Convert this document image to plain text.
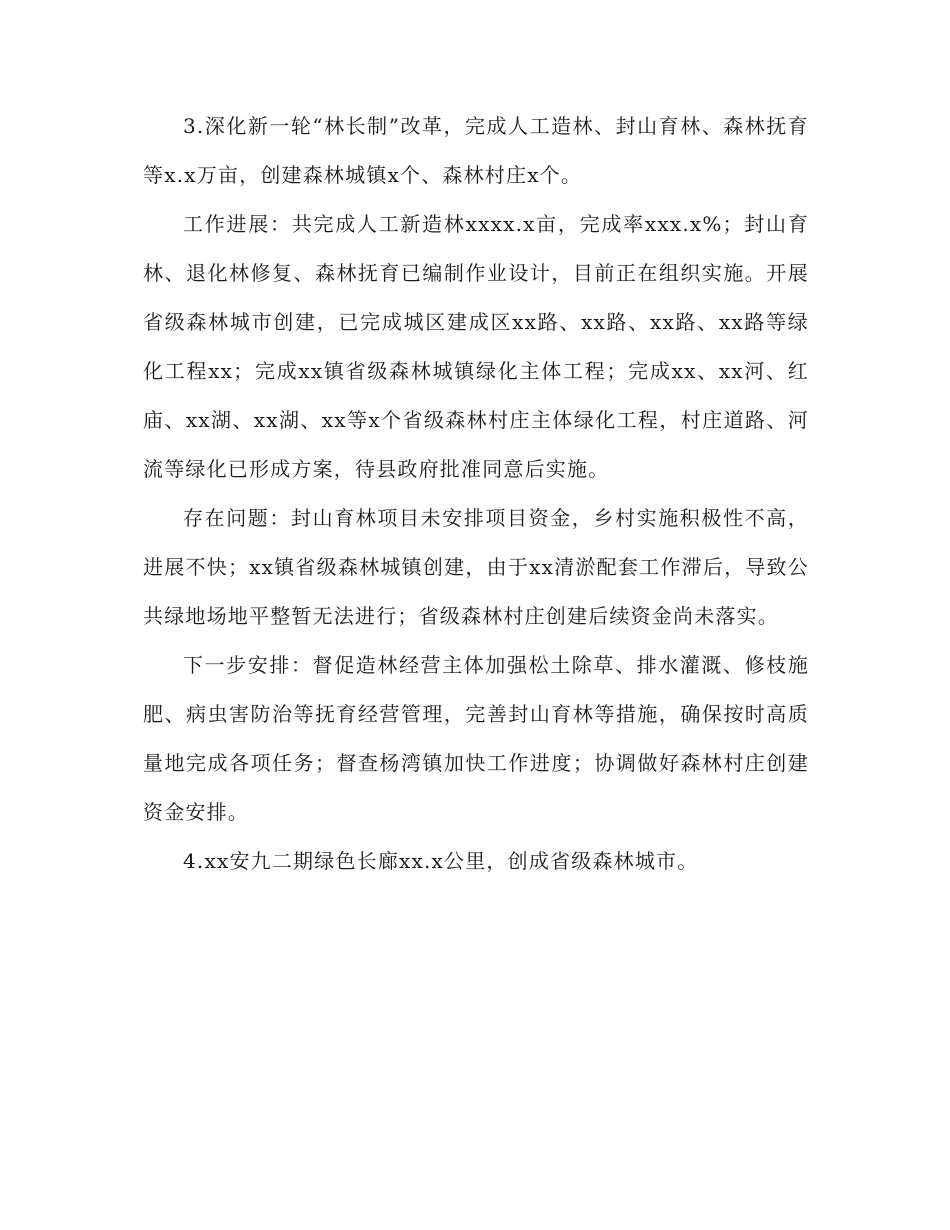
3.深化新一轮“林长制”改革，完成人工造林、封山育林、森林抚育等x.x万亩，创建森林城镇x个、森林村庄x个。

工作进展：共完成人工新造林xxxx.x亩，完成率xxx.x%；封山育林、退化林修复、森林抚育已编制作业设计，目前正在组织实施。开展省级森林城市创建，已完成城区建成区xx路、xx路、xx路、xx路等绿化工程xx；完成xx镇省级森林城镇绿化主体工程；完成xx、xx河、红庙、xx湖、xx湖、xx等x个省级森林村庄主体绿化工程，村庄道路、河流等绿化已形成方案，待县政府批准同意后实施。

存在问题：封山育林项目未安排项目资金，乡村实施积极性不高，进展不快；xx镇省级森林城镇创建，由于xx清淤配套工作滞后，导致公共绿地场地平整暂无法进行；省级森林村庄创建后续资金尚未落实。

下一步安排：督促造林经营主体加强松土除草、排水灌溉、修枝施肥、病虫害防治等抚育经营管理，完善封山育林等措施，确保按时高质量地完成各项任务；督查杨湾镇加快工作进度；协调做好森林村庄创建资金安排。

4.xx安九二期绿色长廊xx.x公里，创成省级森林城市。
